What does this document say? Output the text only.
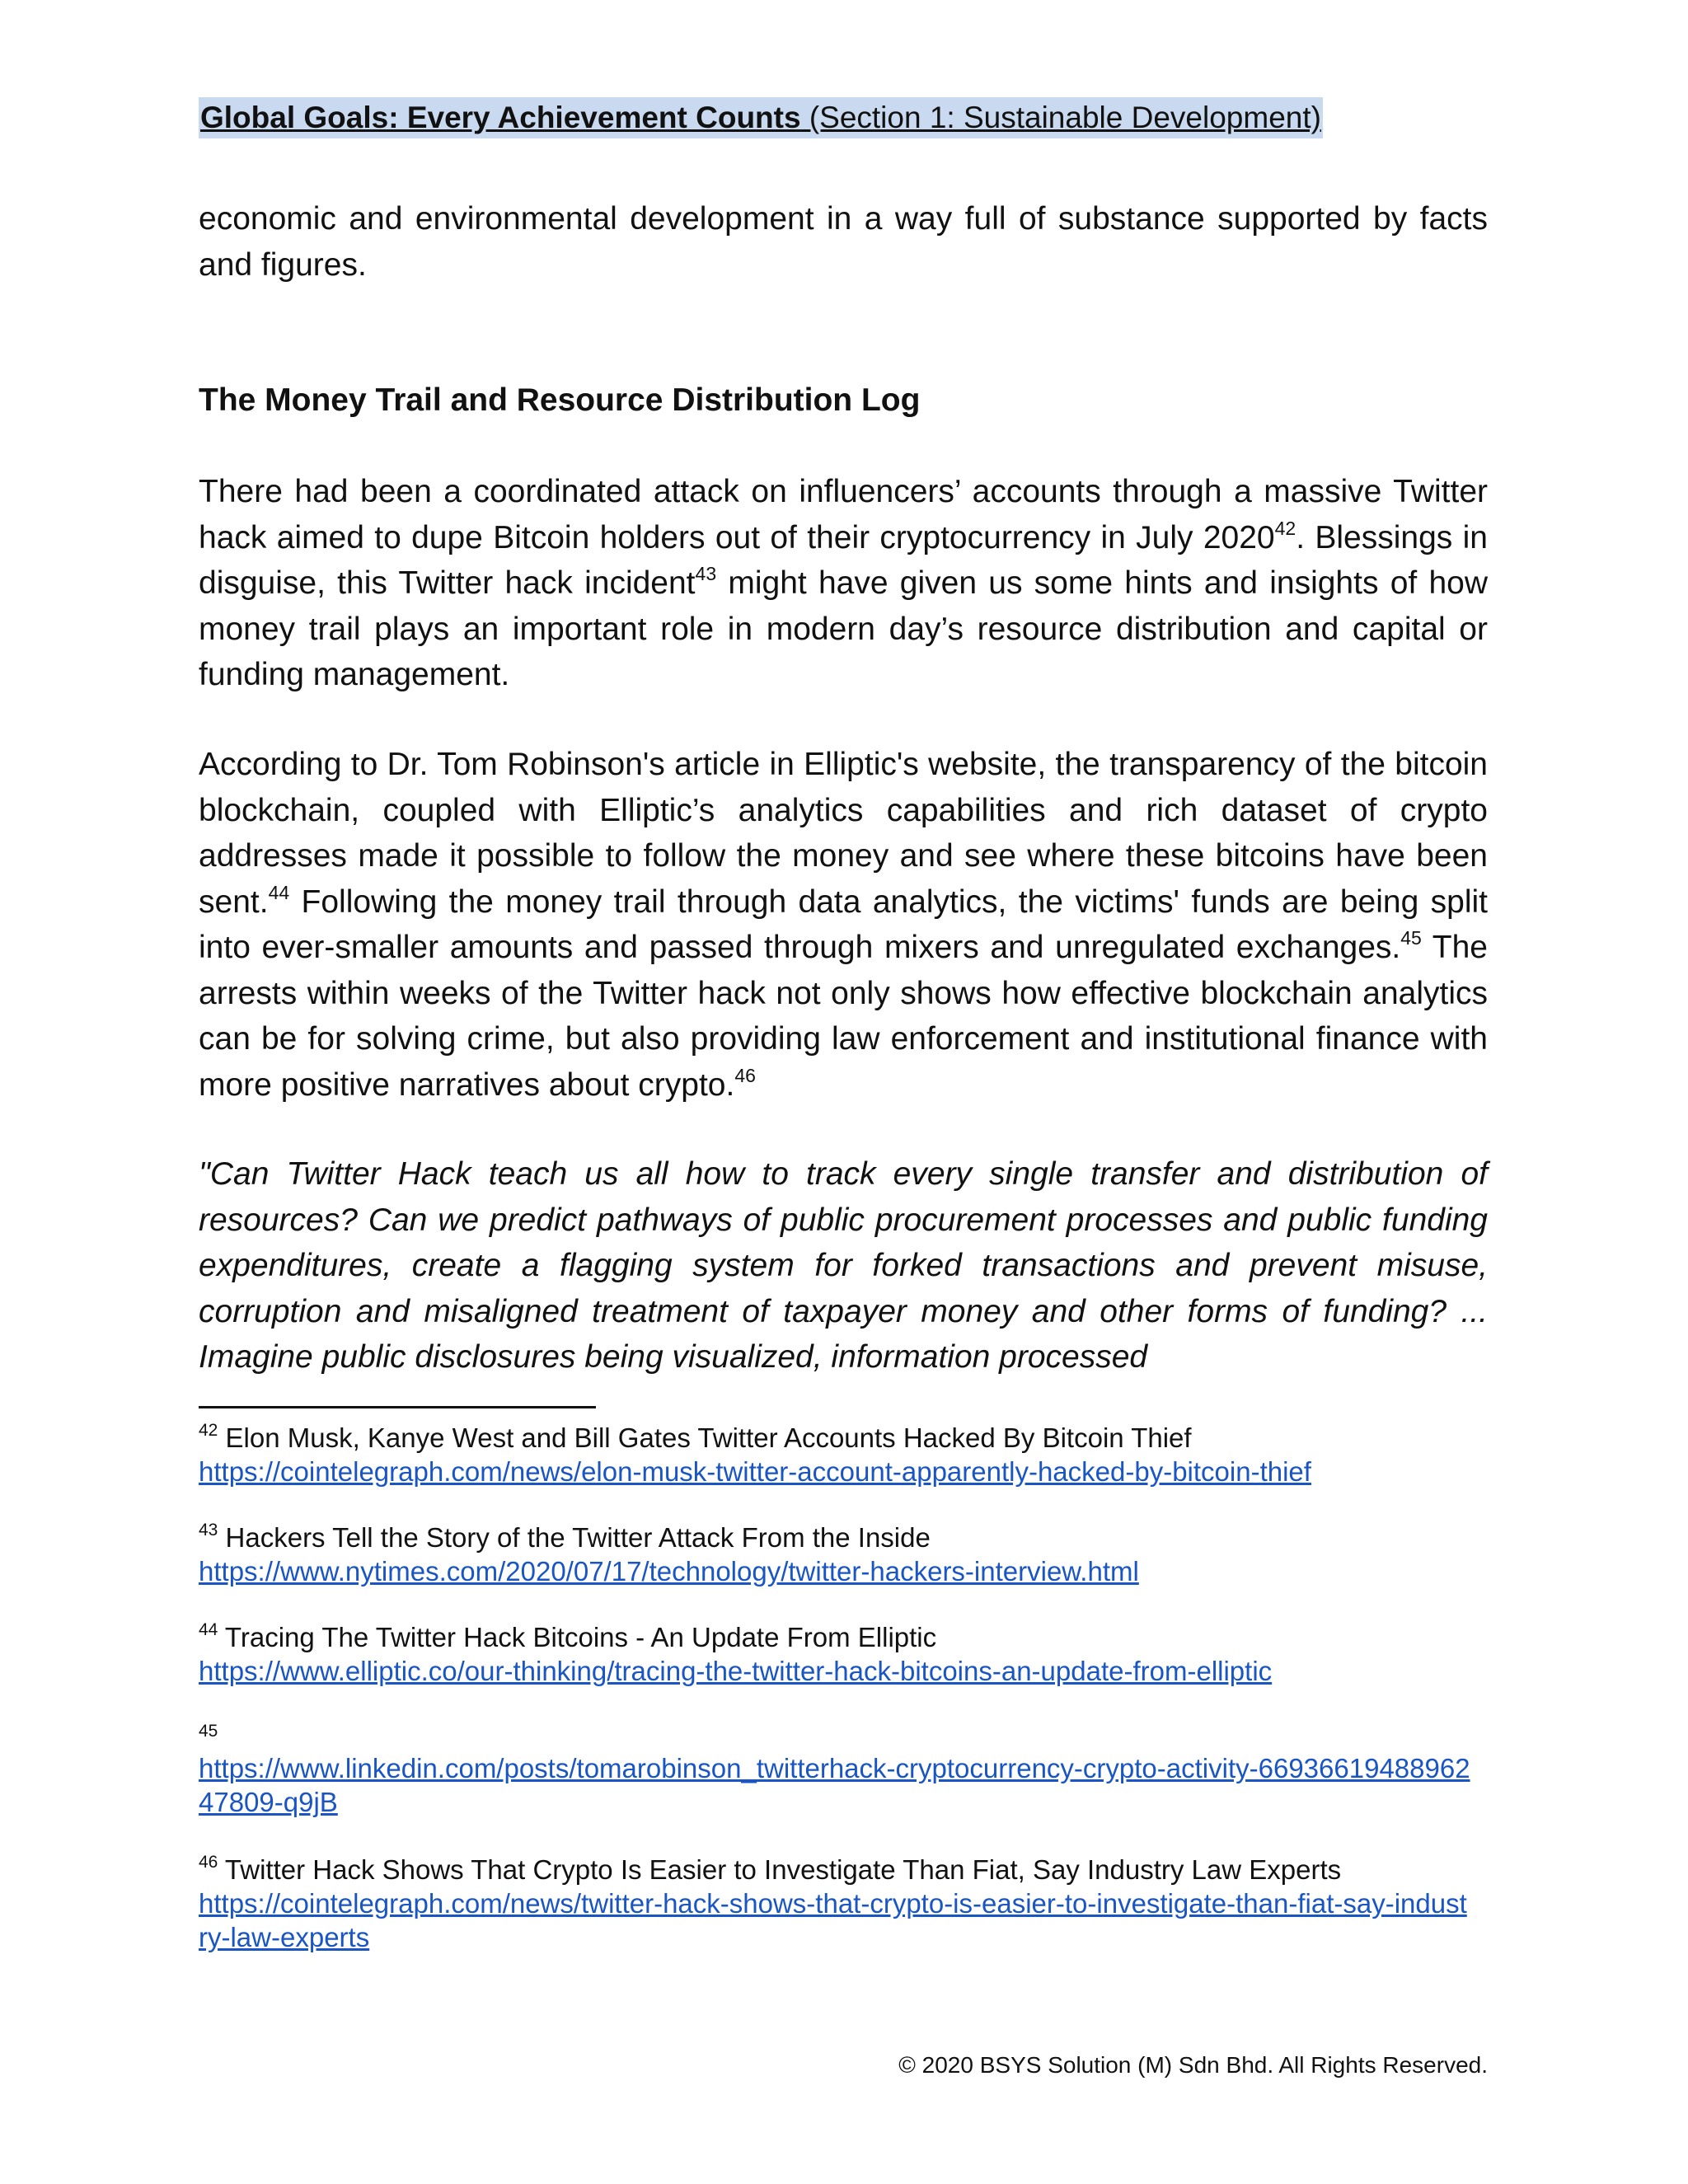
Global Goals: Every Achievement Counts (Section 1: Sustainable Development)

economic and environmental development in a way full of substance supported by facts and figures.

The Money Trail and Resource Distribution Log

There had been a coordinated attack on influencers’ accounts through a massive Twitter hack aimed to dupe Bitcoin holders out of their cryptocurrency in July 2020$^{42}$. Blessings in disguise, this Twitter hack incident$^{43}$ might have given us some hints and insights of how money trail plays an important role in modern day’s resource distribution and capital or funding management.

According to Dr. Tom Robinson's article in Elliptic's website, the transparency of the bitcoin blockchain, coupled with Elliptic’s analytics capabilities and rich dataset of crypto addresses made it possible to follow the money and see where these bitcoins have been sent.$^{44}$ Following the money trail through data analytics, the victims' funds are being split into ever-smaller amounts and passed through mixers and unregulated exchanges.$^{45}$ The arrests within weeks of the Twitter hack not only shows how effective blockchain analytics can be for solving crime, but also providing law enforcement and institutional finance with more positive narratives about crypto.$^{46}$

"Can Twitter Hack teach us all how to track every single transfer and distribution of resources? Can we predict pathways of public procurement processes and public funding expenditures, create a flagging system for forked transactions and prevent misuse, corruption and misaligned treatment of taxpayer money and other forms of funding? ... Imagine public disclosures being visualized, information processed

$^{42}$ Elon Musk, Kanye West and Bill Gates Twitter Accounts Hacked By Bitcoin Thief
https://cointelegraph.com/news/elon-musk-twitter-account-apparently-hacked-by-bitcoin-thief
$^{43}$ Hackers Tell the Story of the Twitter Attack From the Inside
https://www.nytimes.com/2020/07/17/technology/twitter-hackers-interview.html
$^{44}$ Tracing The Twitter Hack Bitcoins - An Update From Elliptic
https://www.elliptic.co/our-thinking/tracing-the-twitter-hack-bitcoins-an-update-from-elliptic
45
https://www.linkedin.com/posts/tomarobinson_twitterhack-cryptocurrency-crypto-activity-66936619488962
47809-q9jB
$^{46}$ Twitter Hack Shows That Crypto Is Easier to Investigate Than Fiat, Say Industry Law Experts
https://cointelegraph.com/news/twitter-hack-shows-that-crypto-is-easier-to-investigate-than-fiat-say-indust
ry-law-experts
© 2020 BSYS Solution (M) Sdn Bhd. All Rights Reserved.
